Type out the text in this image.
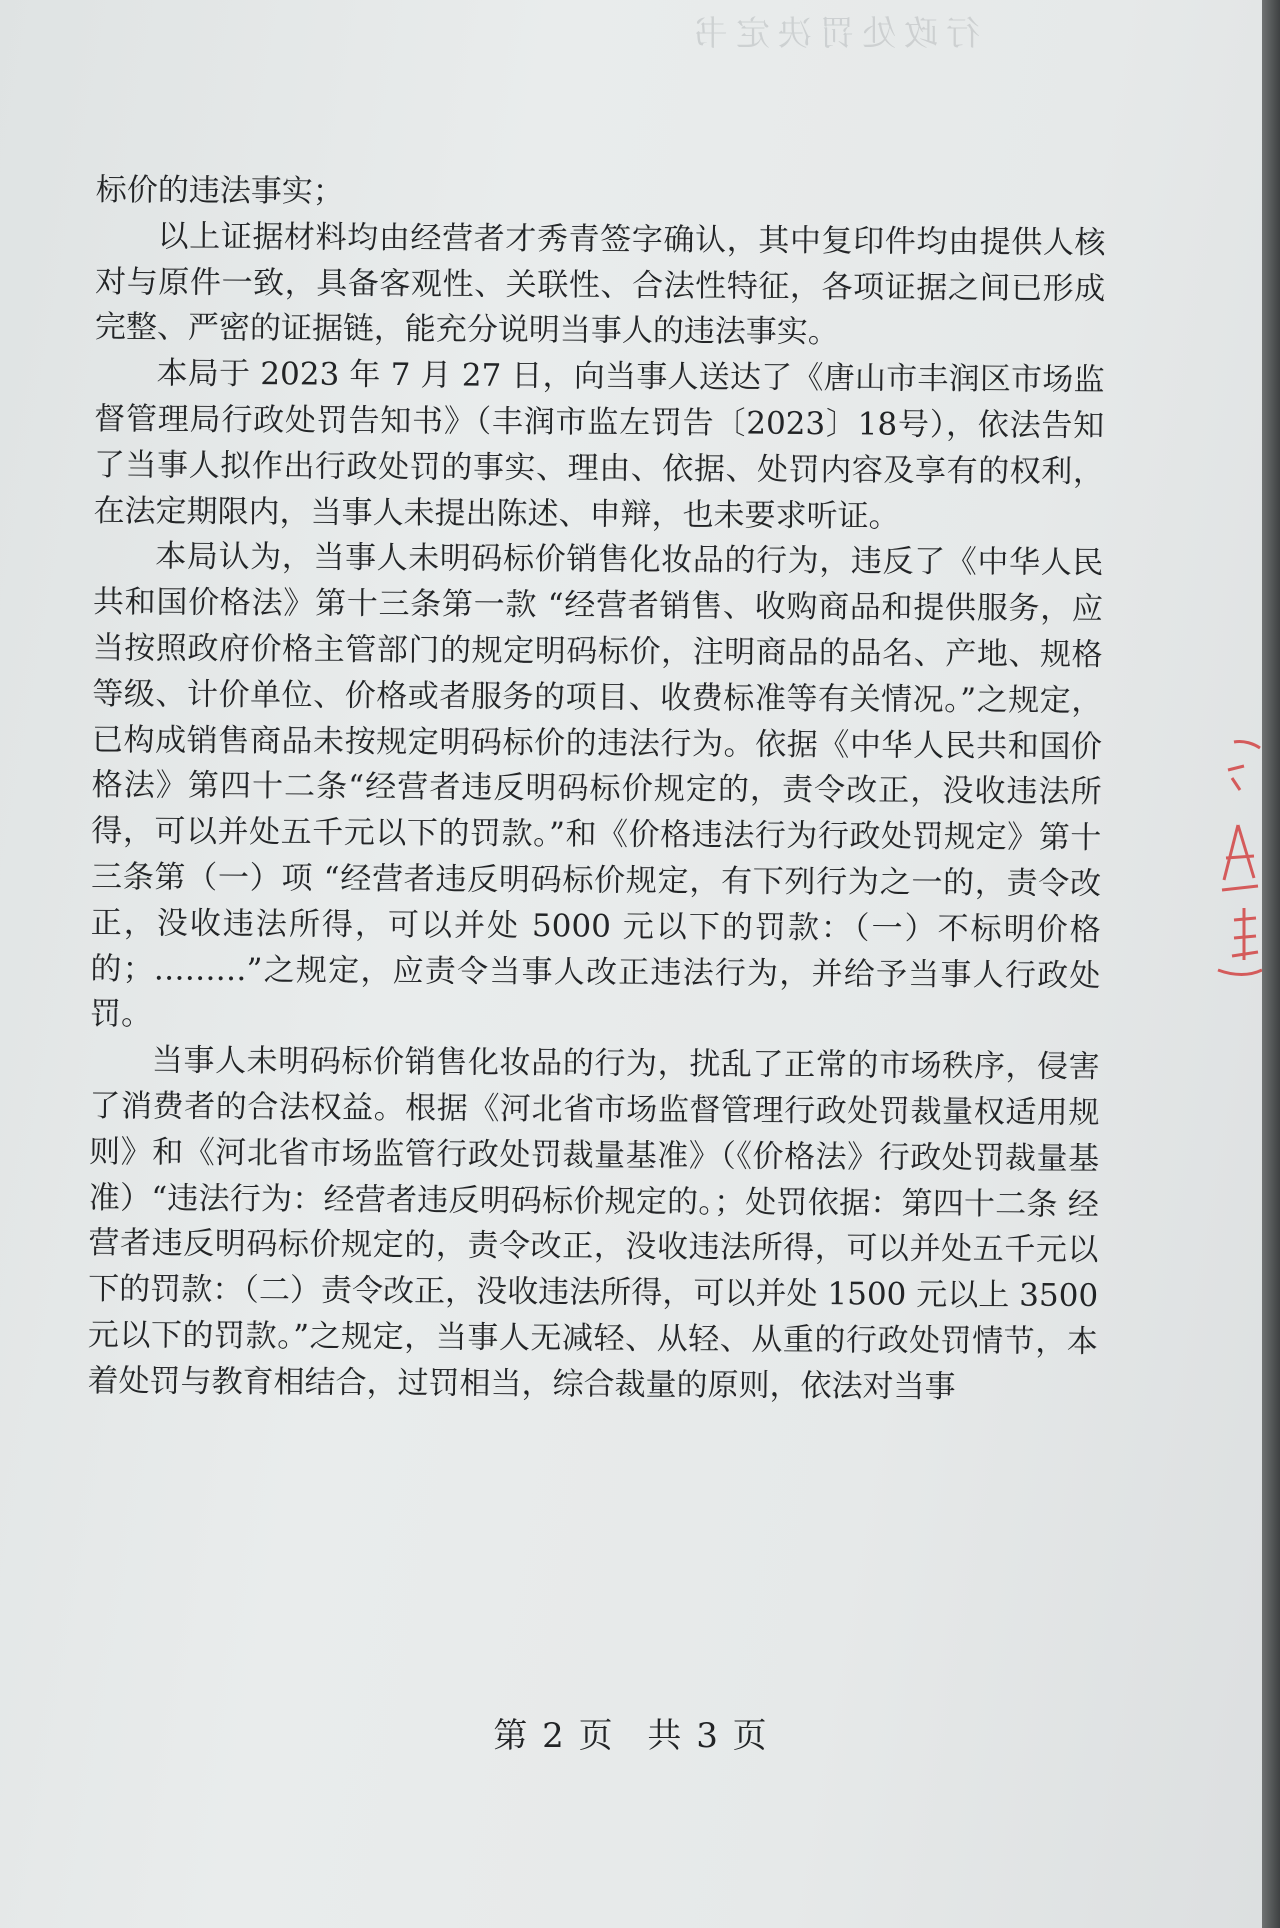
行政处罚决定书

标价的违法事实；

以上证据材料均由经营者才秀青签字确认，其中复印件均由提供人核对与原件一致，具备客观性、关联性、合法性特征，各项证据之间已形成完整、严密的证据链，能充分说明当事人的违法事实。

本局于 2023 年 7 月 27 日，向当事人送达了《唐山市丰润区市场监督管理局行政处罚告知书》（丰润市监左罚告〔2023〕18号），依法告知了当事人拟作出行政处罚的事实、理由、依据、处罚内容及享有的权利，在法定期限内，当事人未提出陈述、申辩，也未要求听证。

本局认为，当事人未明码标价销售化妆品的行为，违反了《中华人民共和国价格法》第十三条第一款 “经营者销售、收购商品和提供服务，应当按照政府价格主管部门的规定明码标价，注明商品的品名、产地、规格等级、计价单位、价格或者服务的项目、收费标准等有关情况。”之规定，已构成销售商品未按规定明码标价的违法行为。依据《中华人民共和国价格法》第四十二条“经营者违反明码标价规定的，责令改正，没收违法所得，可以并处五千元以下的罚款。”和《价格违法行为行政处罚规定》第十三条第（一）项 “经营者违反明码标价规定，有下列行为之一的，责令改正，没收违法所得，可以并处 5000 元以下的罚款：（一）不标明价格的；………”之规定，应责令当事人改正违法行为，并给予当事人行政处罚。

当事人未明码标价销售化妆品的行为，扰乱了正常的市场秩序，侵害了消费者的合法权益。根据《河北省市场监督管理行政处罚裁量权适用规则》和《河北省市场监管行政处罚裁量基准》（《价格法》行政处罚裁量基准）“违法行为：经营者违反明码标价规定的。；处罚依据：第四十二条 经营者违反明码标价规定的，责令改正，没收违法所得，可以并处五千元以下的罚款：（二）责令改正，没收违法所得，可以并处 1500 元以上 3500 元以下的罚款。”之规定，当事人无减轻、从轻、从重的行政处罚情节，本着处罚与教育相结合，过罚相当，综合裁量的原则，依法对当事

第 2 页 共 3 页
